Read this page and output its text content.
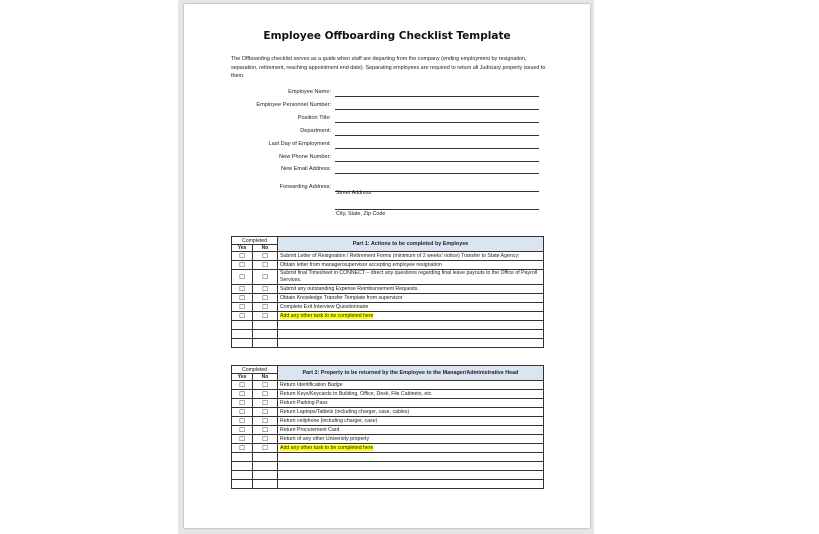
Employee Offboarding Checklist Template
The Offboarding checklist serves as a guide when staff are departing from the company (ending employment by resignation, separation, retirement, reaching appointment end date). Separating employees are required to return all Judiciary property issued to them.
Employee Name:
Employee Personnel Number:
Position Title:
Department:
Last Day of Employment:
New Phone Number:
New Email Address:
Forwarding Address:
Street Address
City, State, Zip Code
Completed		Part 1: Actions to be completed by Employee
Yes	No	
☐	☐	Submit Letter of Resignation / Retirement Forms (minimum of 2 weeks' notice) Transfer to State Agency:
☐	☐	Obtain letter from manager/supervisor accepting employee resignation
☐	☐	Submit final Timesheet in CONNECT – direct any questions regarding final leave payouts to the Office of Payroll Services.
☐	☐	Submit any outstanding Expense Reimbursement Requests.
☐	☐	Obtain Knowledge Transfer Template from supervisor
☐	☐	Complete Exit Interview Questionnaire
☐	☐	Add any other task to be completed here

Completed		Part 2: Property to be returned by the Employee to the Manager/Administrative Head
Yes	No	
☐	☐	Return Identification Badge
☐	☐	Return Keys/Keycards to Building, Office, Desk, File Cabinets, etc.
☐	☐	Return Parking Pass
☐	☐	Return Laptops/Tablets (including charger, case, cables)
☐	☐	Return cellphone (including charger, case)
☐	☐	Return Procurement Card
☐	☐	Return of any other University property
☐	☐	Add any other task to be completed here
